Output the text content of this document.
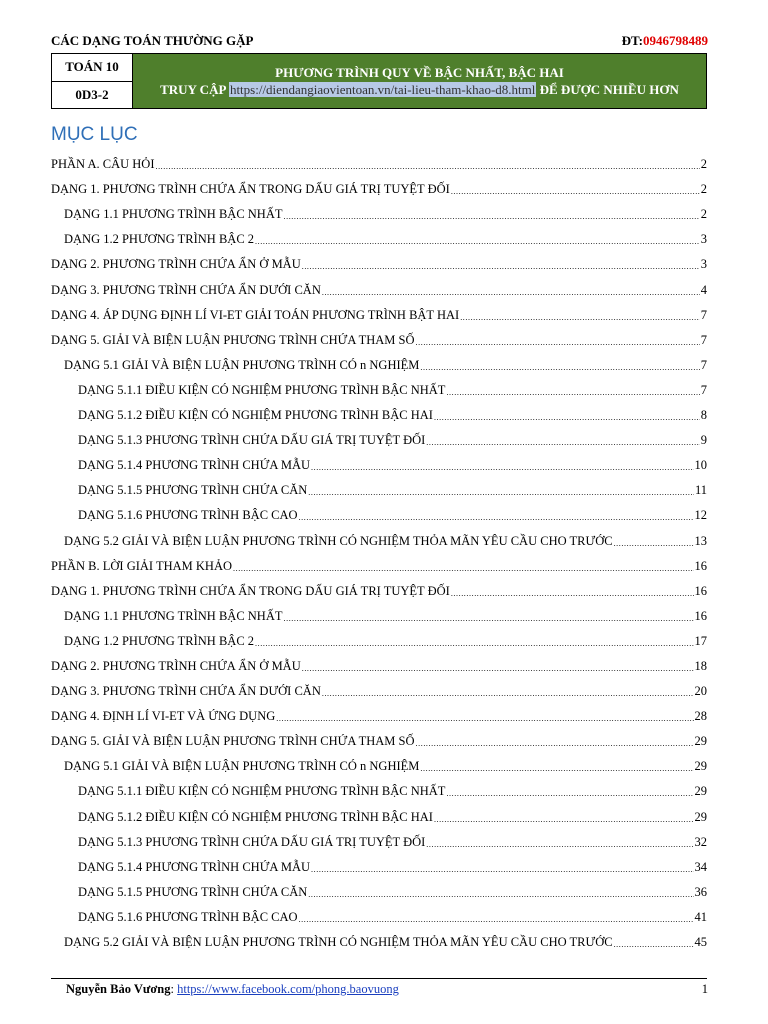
CÁC DẠNG TOÁN THƯỜNG GẶP	ĐT:0946798489
TOÁN 10
0D3-2
PHƯƠNG TRÌNH QUY VỀ BẬC NHẤT, BẬC HAI
TRUY CẬP https://diendangiaovientoan.vn/tai-lieu-tham-khao-d8.html ĐỂ ĐƯỢC NHIỀU HƠN
MỤC LỤC
PHẦN A. CÂU HỎI .....	2
DẠNG 1. PHƯƠNG TRÌNH CHỨA ẨN TRONG DẤU GIÁ TRỊ TUYỆT ĐỐI .....	2
DẠNG 1.1 PHƯƠNG TRÌNH BẬC NHẤT .....	2
DẠNG 1.2 PHƯƠNG TRÌNH BẬC 2 .....	3
DẠNG 2. PHƯƠNG TRÌNH CHỨA ẨN Ở MẪU .....	3
DẠNG 3. PHƯƠNG TRÌNH CHỨA ẨN DƯỚI CĂN .....	4
DẠNG 4. ÁP DỤNG ĐỊNH LÍ VI-ET GIẢI TOÁN PHƯƠNG TRÌNH BẬT HAI .....	7
DẠNG 5. GIẢI VÀ BIỆN LUẬN PHƯƠNG TRÌNH CHỨA THAM SỐ .....	7
DẠNG 5.1 GIẢI VÀ BIỆN LUẬN PHƯƠNG TRÌNH CÓ n NGHIỆM .....	7
DẠNG 5.1.1 ĐIỀU KIỆN CÓ NGHIỆM PHƯƠNG TRÌNH BẬC NHẤT .....	7
DẠNG 5.1.2 ĐIỀU KIỆN CÓ NGHIỆM PHƯƠNG TRÌNH BẬC HAI .....	8
DẠNG 5.1.3 PHƯƠNG TRÌNH CHỨA DẤU GIÁ TRỊ TUYỆT ĐỐI .....	9
DẠNG 5.1.4 PHƯƠNG TRÌNH CHỨA MẪU .....	10
DẠNG 5.1.5 PHƯƠNG TRÌNH CHỨA CĂN .....	11
DẠNG 5.1.6 PHƯƠNG TRÌNH BẬC CAO .....	12
DẠNG 5.2 GIẢI VÀ BIỆN LUẬN PHƯƠNG TRÌNH CÓ NGHIỆM THỎA MÃN YÊU CẦU CHO TRƯỚC .....	13
PHẦN B. LỜI GIẢI THAM KHẢO .....	16
DẠNG 1. PHƯƠNG TRÌNH CHỨA ẨN TRONG DẤU GIÁ TRỊ TUYỆT ĐỐI .....	16
DẠNG 1.1 PHƯƠNG TRÌNH BẬC NHẤT .....	16
DẠNG 1.2 PHƯƠNG TRÌNH BẬC 2 .....	17
DẠNG 2. PHƯƠNG TRÌNH CHỨA ẨN Ở MẪU .....	18
DẠNG 3. PHƯƠNG TRÌNH CHỨA ẨN DƯỚI CĂN .....	20
DẠNG 4. ĐỊNH LÍ VI-ET VÀ ỨNG DỤNG .....	28
DẠNG 5. GIẢI VÀ BIỆN LUẬN PHƯƠNG TRÌNH CHỨA THAM SỐ .....	29
DẠNG 5.1 GIẢI VÀ BIỆN LUẬN PHƯƠNG TRÌNH CÓ n NGHIỆM .....	29
DẠNG 5.1.1 ĐIỀU KIỆN CÓ NGHIỆM PHƯƠNG TRÌNH BẬC NHẤT .....	29
DẠNG 5.1.2 ĐIỀU KIỆN CÓ NGHIỆM PHƯƠNG TRÌNH BẬC HAI .....	29
DẠNG 5.1.3 PHƯƠNG TRÌNH CHỨA DẤU GIÁ TRỊ TUYỆT ĐỐI .....	32
DẠNG 5.1.4 PHƯƠNG TRÌNH CHỨA MẪU .....	34
DẠNG 5.1.5 PHƯƠNG TRÌNH CHỨA CĂN .....	36
DẠNG 5.1.6 PHƯƠNG TRÌNH BẬC CAO .....	41
DẠNG 5.2 GIẢI VÀ BIỆN LUẬN PHƯƠNG TRÌNH CÓ NGHIỆM THỎA MÃN YÊU CẦU CHO TRƯỚC .....	45
Nguyễn Bảo Vương: https://www.facebook.com/phong.baovuong	1
